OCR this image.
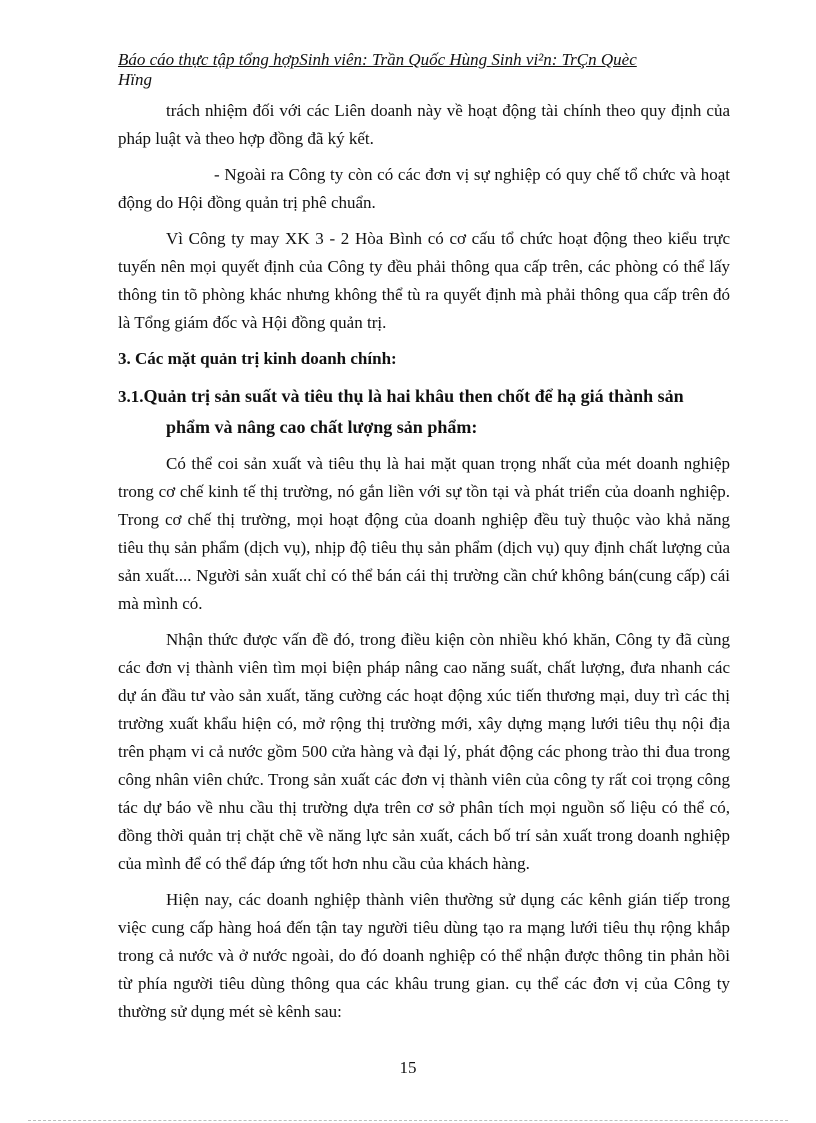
Báo cáo thực tập tổng hợpSinh viên: Trần Quốc Hùng Sinh vi²n: TrÇn Quèc
Hïng

trách nhiệm đối với các Liên doanh này về hoạt động tài chính theo quy định của pháp luật và theo hợp đồng đã ký kết.

- Ngoài ra Công ty còn có các đơn vị sự nghiệp có quy chế tổ chức và hoạt động do Hội đồng quản trị phê chuẩn.

Vì Công ty may XK 3 - 2 Hòa Bình có cơ cấu tổ chức hoạt động theo kiểu trực tuyến nên mọi quyết định của Công ty đều phải thông qua cấp trên, các phòng có thể lấy thông tin tõ phòng khác nhưng không thể tù ra quyết định mà phải thông qua cấp trên đó là Tổng giám đốc và Hội đồng quản trị.

3. Các mặt quản trị kinh doanh chính:
3.1.Quản trị sản suất và tiêu thụ là hai khâu then chốt để hạ giá thành sản phẩm và nâng cao chất lượng sản phẩm:

Có thể coi sản xuất và tiêu thụ là hai mặt quan trọng nhất của mét doanh nghiệp trong cơ chế kinh tế thị trường, nó gắn liền với sự tồn tại và phát triển của doanh nghiệp. Trong cơ chế thị trường, mọi hoạt động của doanh nghiệp đều tuỳ thuộc vào khả năng tiêu thụ sản phẩm (dịch vụ), nhịp độ tiêu thụ sản phẩm (dịch vụ) quy định chất lượng của sản xuất.... Người sản xuất chỉ có thể bán cái thị trường cần chứ không bán(cung cấp) cái mà mình có.

Nhận thức được vấn đề đó, trong điều kiện còn nhiều khó khăn, Công ty đã cùng các đơn vị thành viên tìm mọi biện pháp nâng cao năng suất, chất lượng, đưa nhanh các dự án đầu tư vào sản xuất, tăng cường các hoạt động xúc tiến thương mại, duy trì các thị trường xuất khẩu hiện có, mở rộng thị trường mới, xây dựng mạng lưới tiêu thụ nội địa trên phạm vi cả nước gồm 500 cửa hàng và đại lý, phát động các phong trào thi đua trong công nhân viên chức. Trong sản xuất các đơn vị thành viên của công ty rất coi trọng công tác dự báo về nhu cầu thị trường dựa trên cơ sở phân tích mọi nguồn số liệu có thể có, đồng thời quản trị chặt chẽ về năng lực sản xuất, cách bố trí sản xuất trong doanh nghiệp của mình để có thể đáp ứng tốt hơn nhu cầu của khách hàng.

Hiện nay, các doanh nghiệp thành viên thường sử dụng các kênh gián tiếp trong việc cung cấp hàng hoá đến tận tay người tiêu dùng tạo ra mạng lưới tiêu thụ rộng khắp trong cả nước và ở nước ngoài, do đó doanh nghiệp có thể nhận được thông tin phản hồi từ phía người tiêu dùng thông qua các khâu trung gian. cụ thể các đơn vị của Công ty thường sử dụng mét sè kênh sau:

15
